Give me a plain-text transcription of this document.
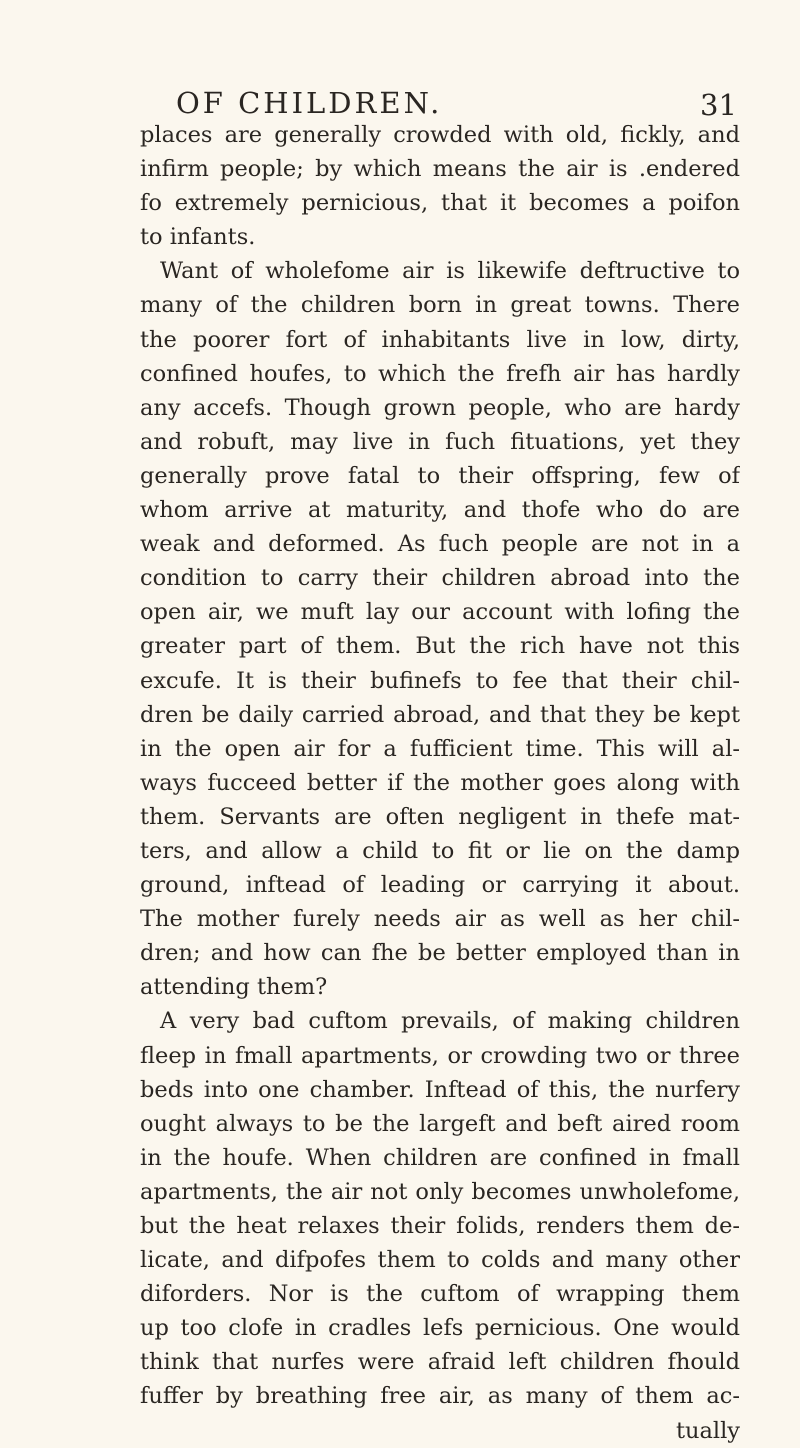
OF CHILDREN.	31
places are generally crowded with old, fickly, and
infirm people; by which means the air is .endered
fo extremely pernicious, that it becomes a poifon
to infants.
Want of wholefome air is likewife deftructive to
many of the children born in great towns. There
the poorer fort of inhabitants live in low, dirty,
confined houfes, to which the frefh air has hardly
any accefs. Though grown people, who are hardy
and robuft, may live in fuch fituations, yet they
generally prove fatal to their offspring, few of
whom arrive at maturity, and thofe who do are
weak and deformed. As fuch people are not in a
condition to carry their children abroad into the
open air, we muft lay our account with lofing the
greater part of them. But the rich have not this
excufe. It is their bufinefs to fee that their chil-
dren be daily carried abroad, and that they be kept
in the open air for a fufficient time. This will al-
ways fucceed better if the mother goes along with
them. Servants are often negligent in thefe mat-
ters, and allow a child to fit or lie on the damp
ground, inftead of leading or carrying it about.
The mother furely needs air as well as her chil-
dren; and how can fhe be better employed than in
attending them?
A very bad cuftom prevails, of making children
fleep in fmall apartments, or crowding two or three
beds into one chamber. Inftead of this, the nurfery
ought always to be the largeft and beft aired room
in the houfe. When children are confined in fmall
apartments, the air not only becomes unwholefome,
but the heat relaxes their folids, renders them de-
licate, and difpofes them to colds and many other
diforders. Nor is the cuftom of wrapping them
up too clofe in cradles lefs pernicious. One would
think that nurfes were afraid left children fhould
fuffer by breathing free air, as many of them ac-
tually
